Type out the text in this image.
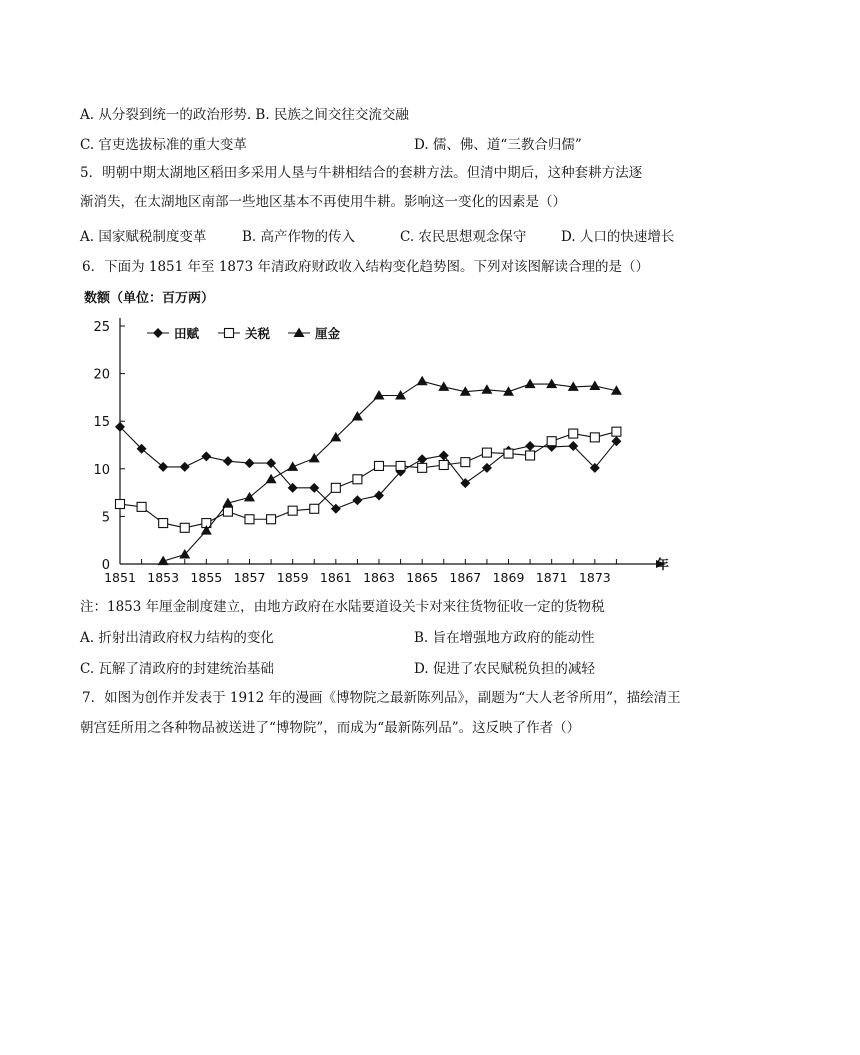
A. 从分裂到统一的政治形势. B. 民族之间交往交流交融
C. 官吏选拔标准的重大变革	D. 儒、佛、道“三教合归儒”
5．明朝中期太湖地区稻田多采用人垦与牛耕相结合的套耕方法。但清中期后，这种套耕方法逐
渐消失，在太湖地区南部一些地区基本不再使用牛耕。影响这一变化的因素是（）
A. 国家赋税制度变革	B. 高产作物的传入	C. 农民思想观念保守	D. 人口的快速增长
6．下面为 1851 年至 1873 年清政府财政收入结构变化趋势图。下列对该图解读合理的是（）
0
5
10
15
20
25
1851 1853 1855 1857 1859 1861 1863 1865 1867 1869 1871 1873
田赋	关税	厘金
数额（单位：百万两）
年
注：1853 年厘金制度建立，由地方政府在水陆要道设关卡对来往货物征收一定的货物税
A. 折射出清政府权力结构的变化	B. 旨在增强地方政府的能动性
C. 瓦解了清政府的封建统治基础	D. 促进了农民赋税负担的减轻
7．如图为创作并发表于 1912 年的漫画《博物院之最新陈列品》，副题为“大人老爷所用”，描绘清王
朝宫廷所用之各种物品被送进了“博物院”，而成为“最新陈列品”。这反映了作者（）
